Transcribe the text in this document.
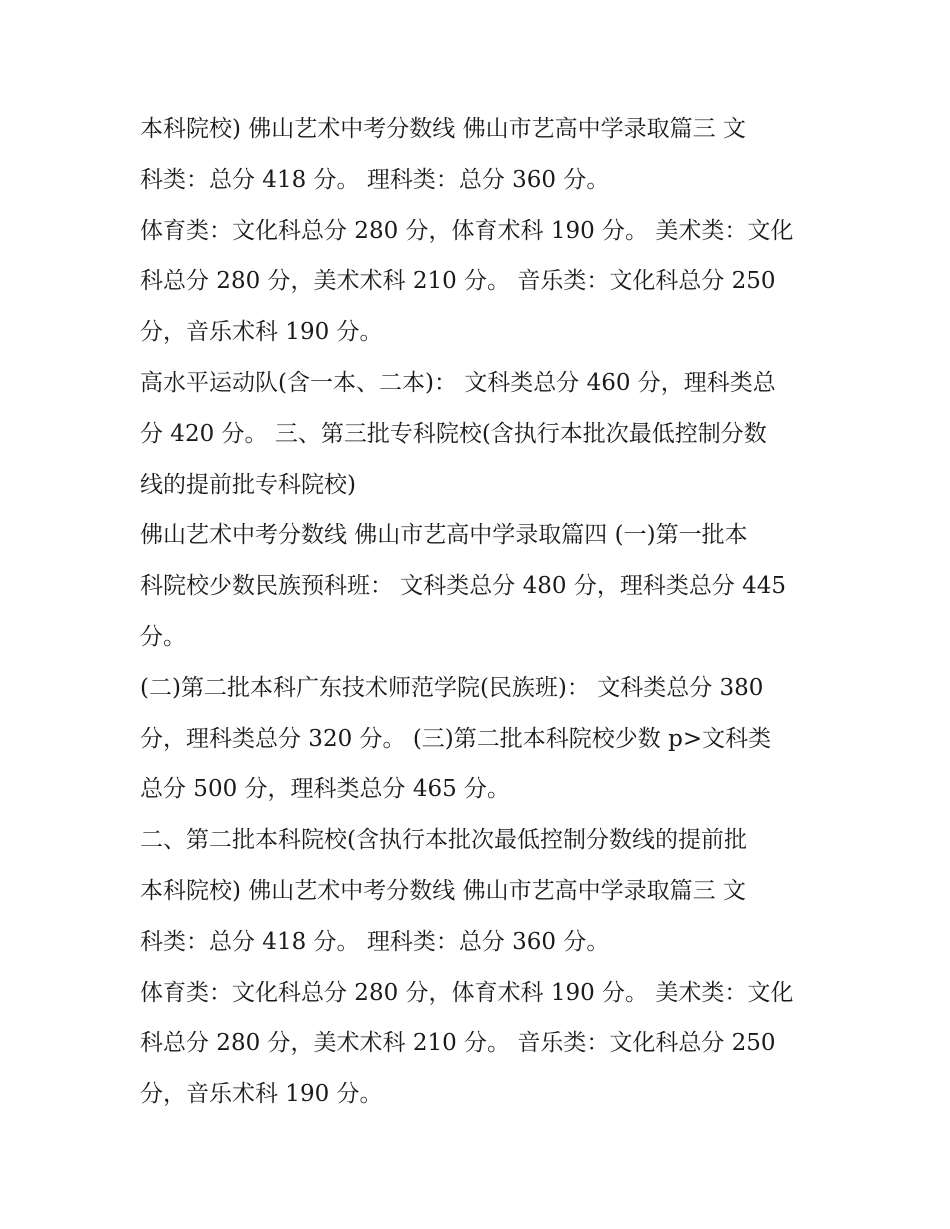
本科院校) 佛山艺术中考分数线 佛山市艺高中学录取篇三 文
科类：总分 418 分。 理科类：总分 360 分。
体育类：文化科总分 280 分，体育术科 190 分。 美术类：文化
科总分 280 分，美术术科 210 分。 音乐类：文化科总分 250
分，音乐术科 190 分。
高水平运动队(含一本、二本)： 文科类总分 460 分，理科类总
分 420 分。 三、第三批专科院校(含执行本批次最低控制分数
线的提前批专科院校)
佛山艺术中考分数线 佛山市艺高中学录取篇四 (一)第一批本
科院校少数民族预科班： 文科类总分 480 分，理科类总分 445
分。
(二)第二批本科广东技术师范学院(民族班)： 文科类总分 380
分，理科类总分 320 分。 (三)第二批本科院校少数 p>文科类
总分 500 分，理科类总分 465 分。
二、第二批本科院校(含执行本批次最低控制分数线的提前批
本科院校) 佛山艺术中考分数线 佛山市艺高中学录取篇三 文
科类：总分 418 分。 理科类：总分 360 分。
体育类：文化科总分 280 分，体育术科 190 分。 美术类：文化
科总分 280 分，美术术科 210 分。 音乐类：文化科总分 250
分，音乐术科 190 分。
